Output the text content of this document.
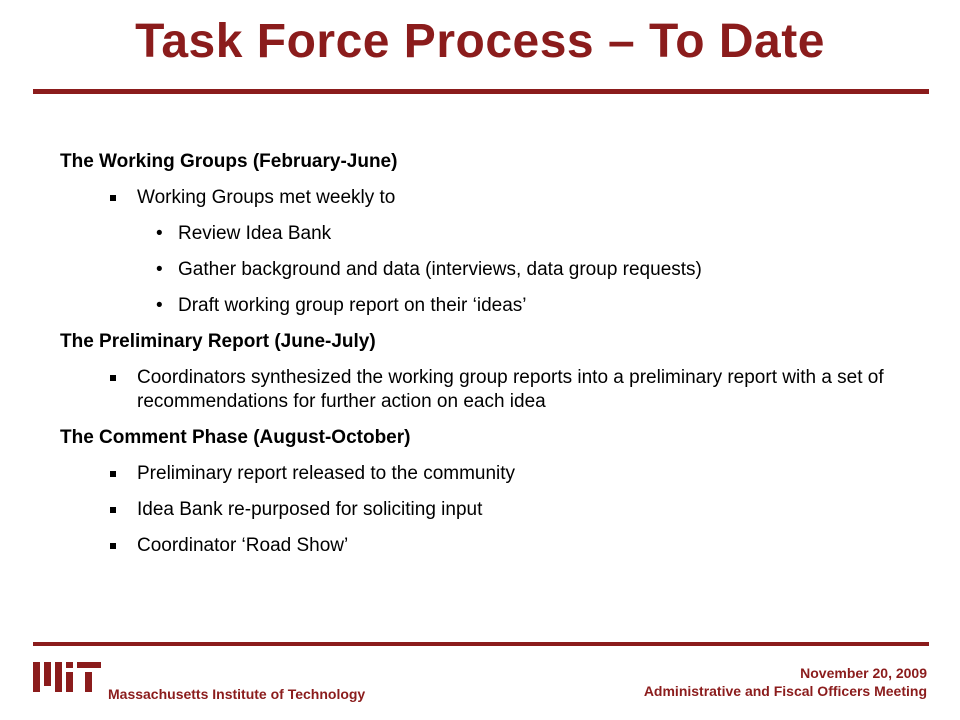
Task Force Process – To Date
The Working Groups (February-June)
Working Groups met weekly to
• Review Idea Bank
• Gather background and data (interviews, data group requests)
• Draft working group report on their ‘ideas’
The Preliminary Report (June-July)
Coordinators synthesized the working group reports into a preliminary report with a set of recommendations for further action on each idea
The Comment Phase (August-October)
Preliminary report released to the community
Idea Bank re-purposed for soliciting input
Coordinator ‘Road Show’
Massachusetts Institute of Technology
November 20, 2009
Administrative and Fiscal Officers Meeting
